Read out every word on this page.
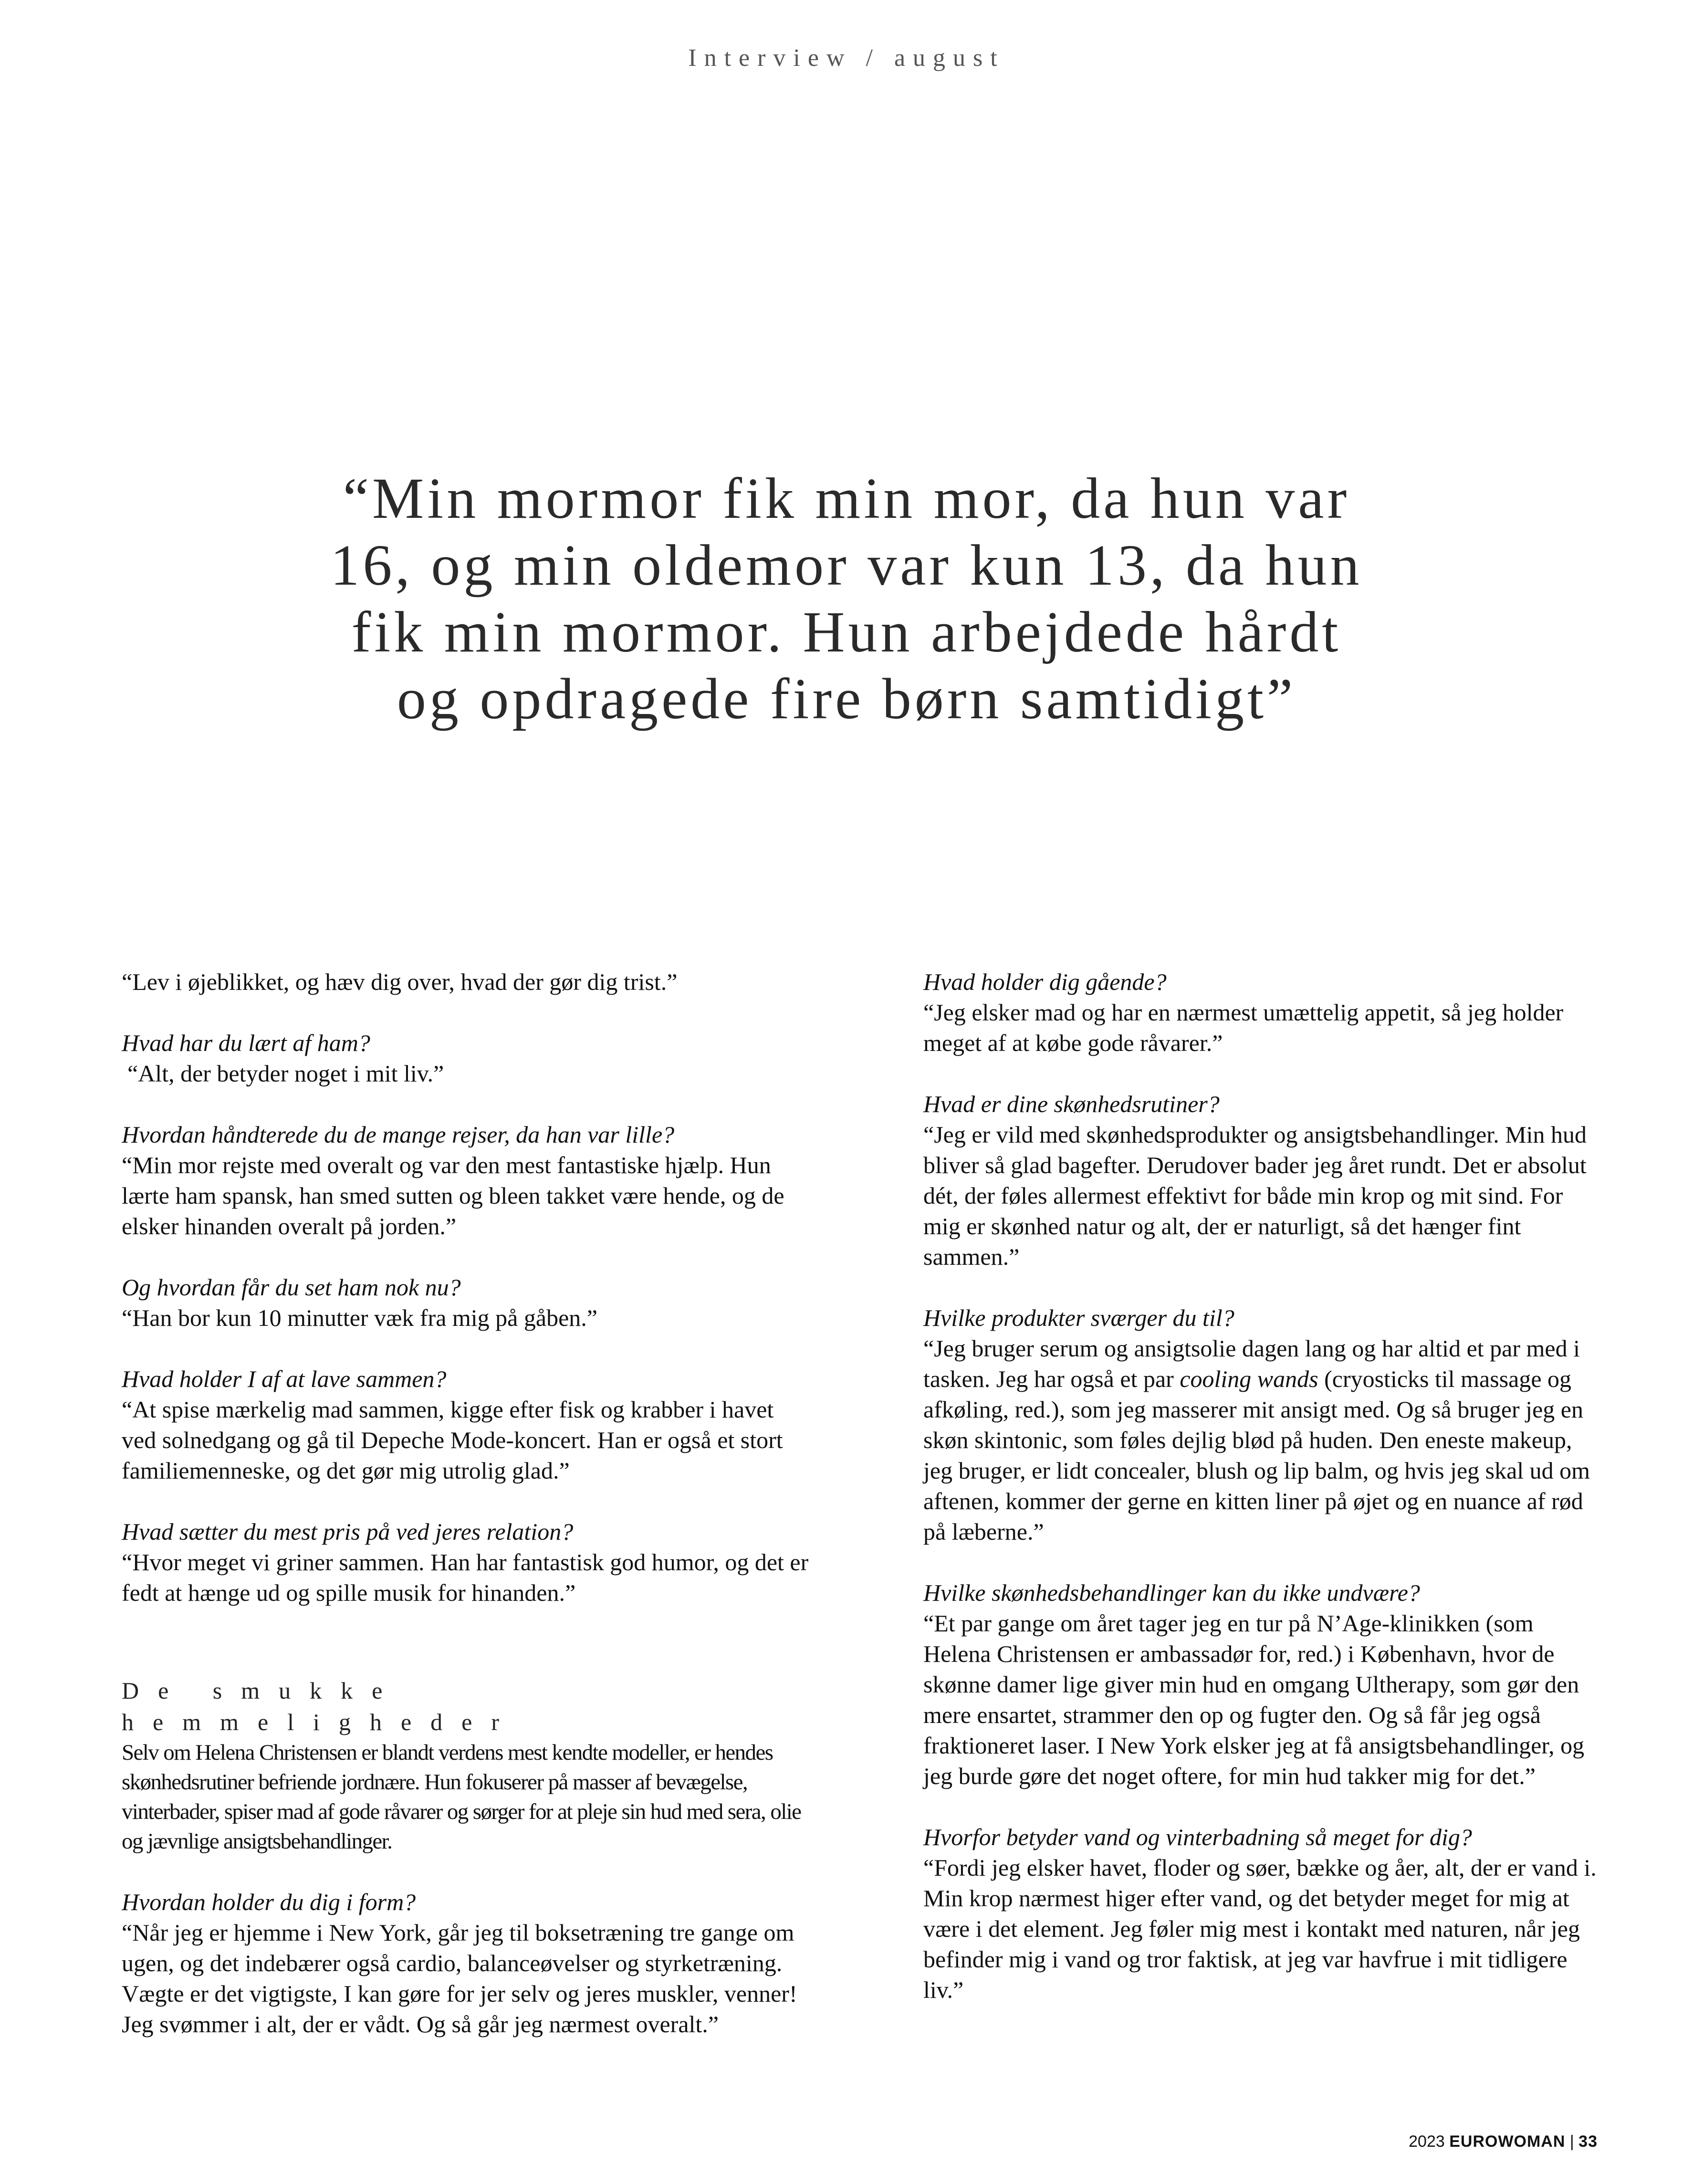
Interview / august
“Min mormor fik min mor, da hun var
16, og min oldemor var kun 13, da hun
fik min mormor. Hun arbejdede hårdt
og opdragede fire børn samtidigt”
“Lev i øjeblikket, og hæv dig over, hvad der gør dig trist.”
Hvad har du lært af ham?
“Alt, der betyder noget i mit liv.”
Hvordan håndterede du de mange rejser, da han var lille?
“Min mor rejste med overalt og var den mest fantastiske hjælp. Hun lærte ham spansk, han smed sutten og bleen takket være hende, og de elsker hinanden overalt på jorden.”
Og hvordan får du set ham nok nu?
“Han bor kun 10 minutter væk fra mig på gåben.”
Hvad holder I af at lave sammen?
“At spise mærkelig mad sammen, kigge efter fisk og krabber i havet ved solnedgang og gå til Depeche Mode-koncert. Han er også et stort familiemenneske, og det gør mig utrolig glad.”
Hvad sætter du mest pris på ved jeres relation?
“Hvor meget vi griner sammen. Han har fantastisk god humor, og det er fedt at hænge ud og spille musik for hinanden.”
De smukke hemmeligheder
Selv om Helena Christensen er blandt verdens mest kendte modeller, er hendes skønhedsrutiner befriende jordnære. Hun fokuserer på masser af bevægelse, vinterbader, spiser mad af gode råvarer og sørger for at pleje sin hud med sera, olie og jævnlige ansigtsbehandlinger.
Hvordan holder du dig i form?
“Når jeg er hjemme i New York, går jeg til boksetræning tre gange om ugen, og det indebærer også cardio, balanceøvelser og styrketræning. Vægte er det vigtigste, I kan gøre for jer selv og jeres muskler, venner! Jeg svømmer i alt, der er vådt. Og så går jeg nærmest overalt.”
Hvad holder dig gående?
“Jeg elsker mad og har en nærmest umættelig appetit, så jeg holder meget af at købe gode råvarer.”
Hvad er dine skønhedsrutiner?
“Jeg er vild med skønhedsprodukter og ansigtsbehandlinger. Min hud bliver så glad bagefter. Derudover bader jeg året rundt. Det er absolut dét, der føles allermest effektivt for både min krop og mit sind. For mig er skønhed natur og alt, der er naturligt, så det hænger fint sammen.”
Hvilke produkter sværger du til?
“Jeg bruger serum og ansigtsolie dagen lang og har altid et par med i tasken. Jeg har også et par cooling wands (cryosticks til massage og afkøling, red.), som jeg masserer mit ansigt med. Og så bruger jeg en skøn skintonic, som føles dejlig blød på huden. Den eneste makeup, jeg bruger, er lidt concealer, blush og lip balm, og hvis jeg skal ud om aftenen, kommer der gerne en kitten liner på øjet og en nuance af rød på læberne.”
Hvilke skønhedsbehandlinger kan du ikke undvære?
“Et par gange om året tager jeg en tur på N’Age-klinikken (som Helena Christensen er ambassadør for, red.) i København, hvor de skønne damer lige giver min hud en omgang Ultherapy, som gør den mere ensartet, strammer den op og fugter den. Og så får jeg også fraktioneret laser. I New York elsker jeg at få ansigtsbehandlinger, og jeg burde gøre det noget oftere, for min hud takker mig for det.”
Hvorfor betyder vand og vinterbadning så meget for dig?
“Fordi jeg elsker havet, floder og søer, bække og åer, alt, der er vand i. Min krop nærmest higer efter vand, og det betyder meget for mig at være i det element. Jeg føler mig mest i kontakt med naturen, når jeg befinder mig i vand og tror faktisk, at jeg var havfrue i mit tidligere liv.”
2023 EUROWOMAN | 33
